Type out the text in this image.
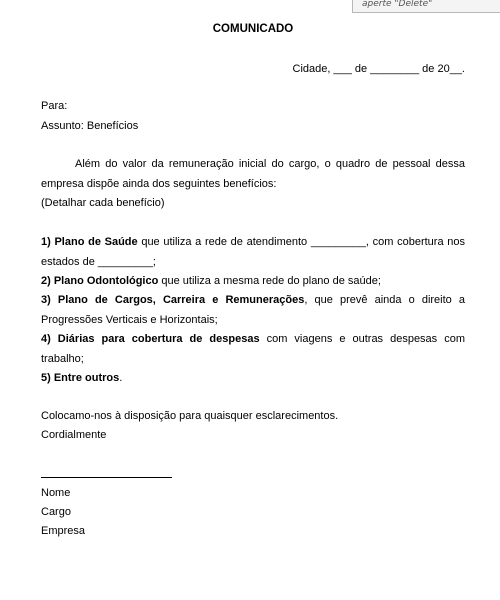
aperte "Delete"
COMUNICADO
Cidade, ___ de ________ de 20__.
Para:
Assunto: Benefícios
Além do valor da remuneração inicial do cargo, o quadro de pessoal dessa empresa dispõe ainda dos seguintes benefícios:
(Detalhar cada benefício)
1) Plano de Saúde que utiliza a rede de atendimento _________, com cobertura nos estados de _________;
2) Plano Odontológico que utiliza a mesma rede do plano de saúde;
3) Plano de Cargos, Carreira e Remunerações, que prevê ainda o direito a Progressões Verticais e Horizontais;
4) Diárias para cobertura de despesas com viagens e outras despesas com trabalho;
5) Entre outros.
Colocamo-nos à disposição para quaisquer esclarecimentos.
Cordialmente
Nome
Cargo
Empresa
